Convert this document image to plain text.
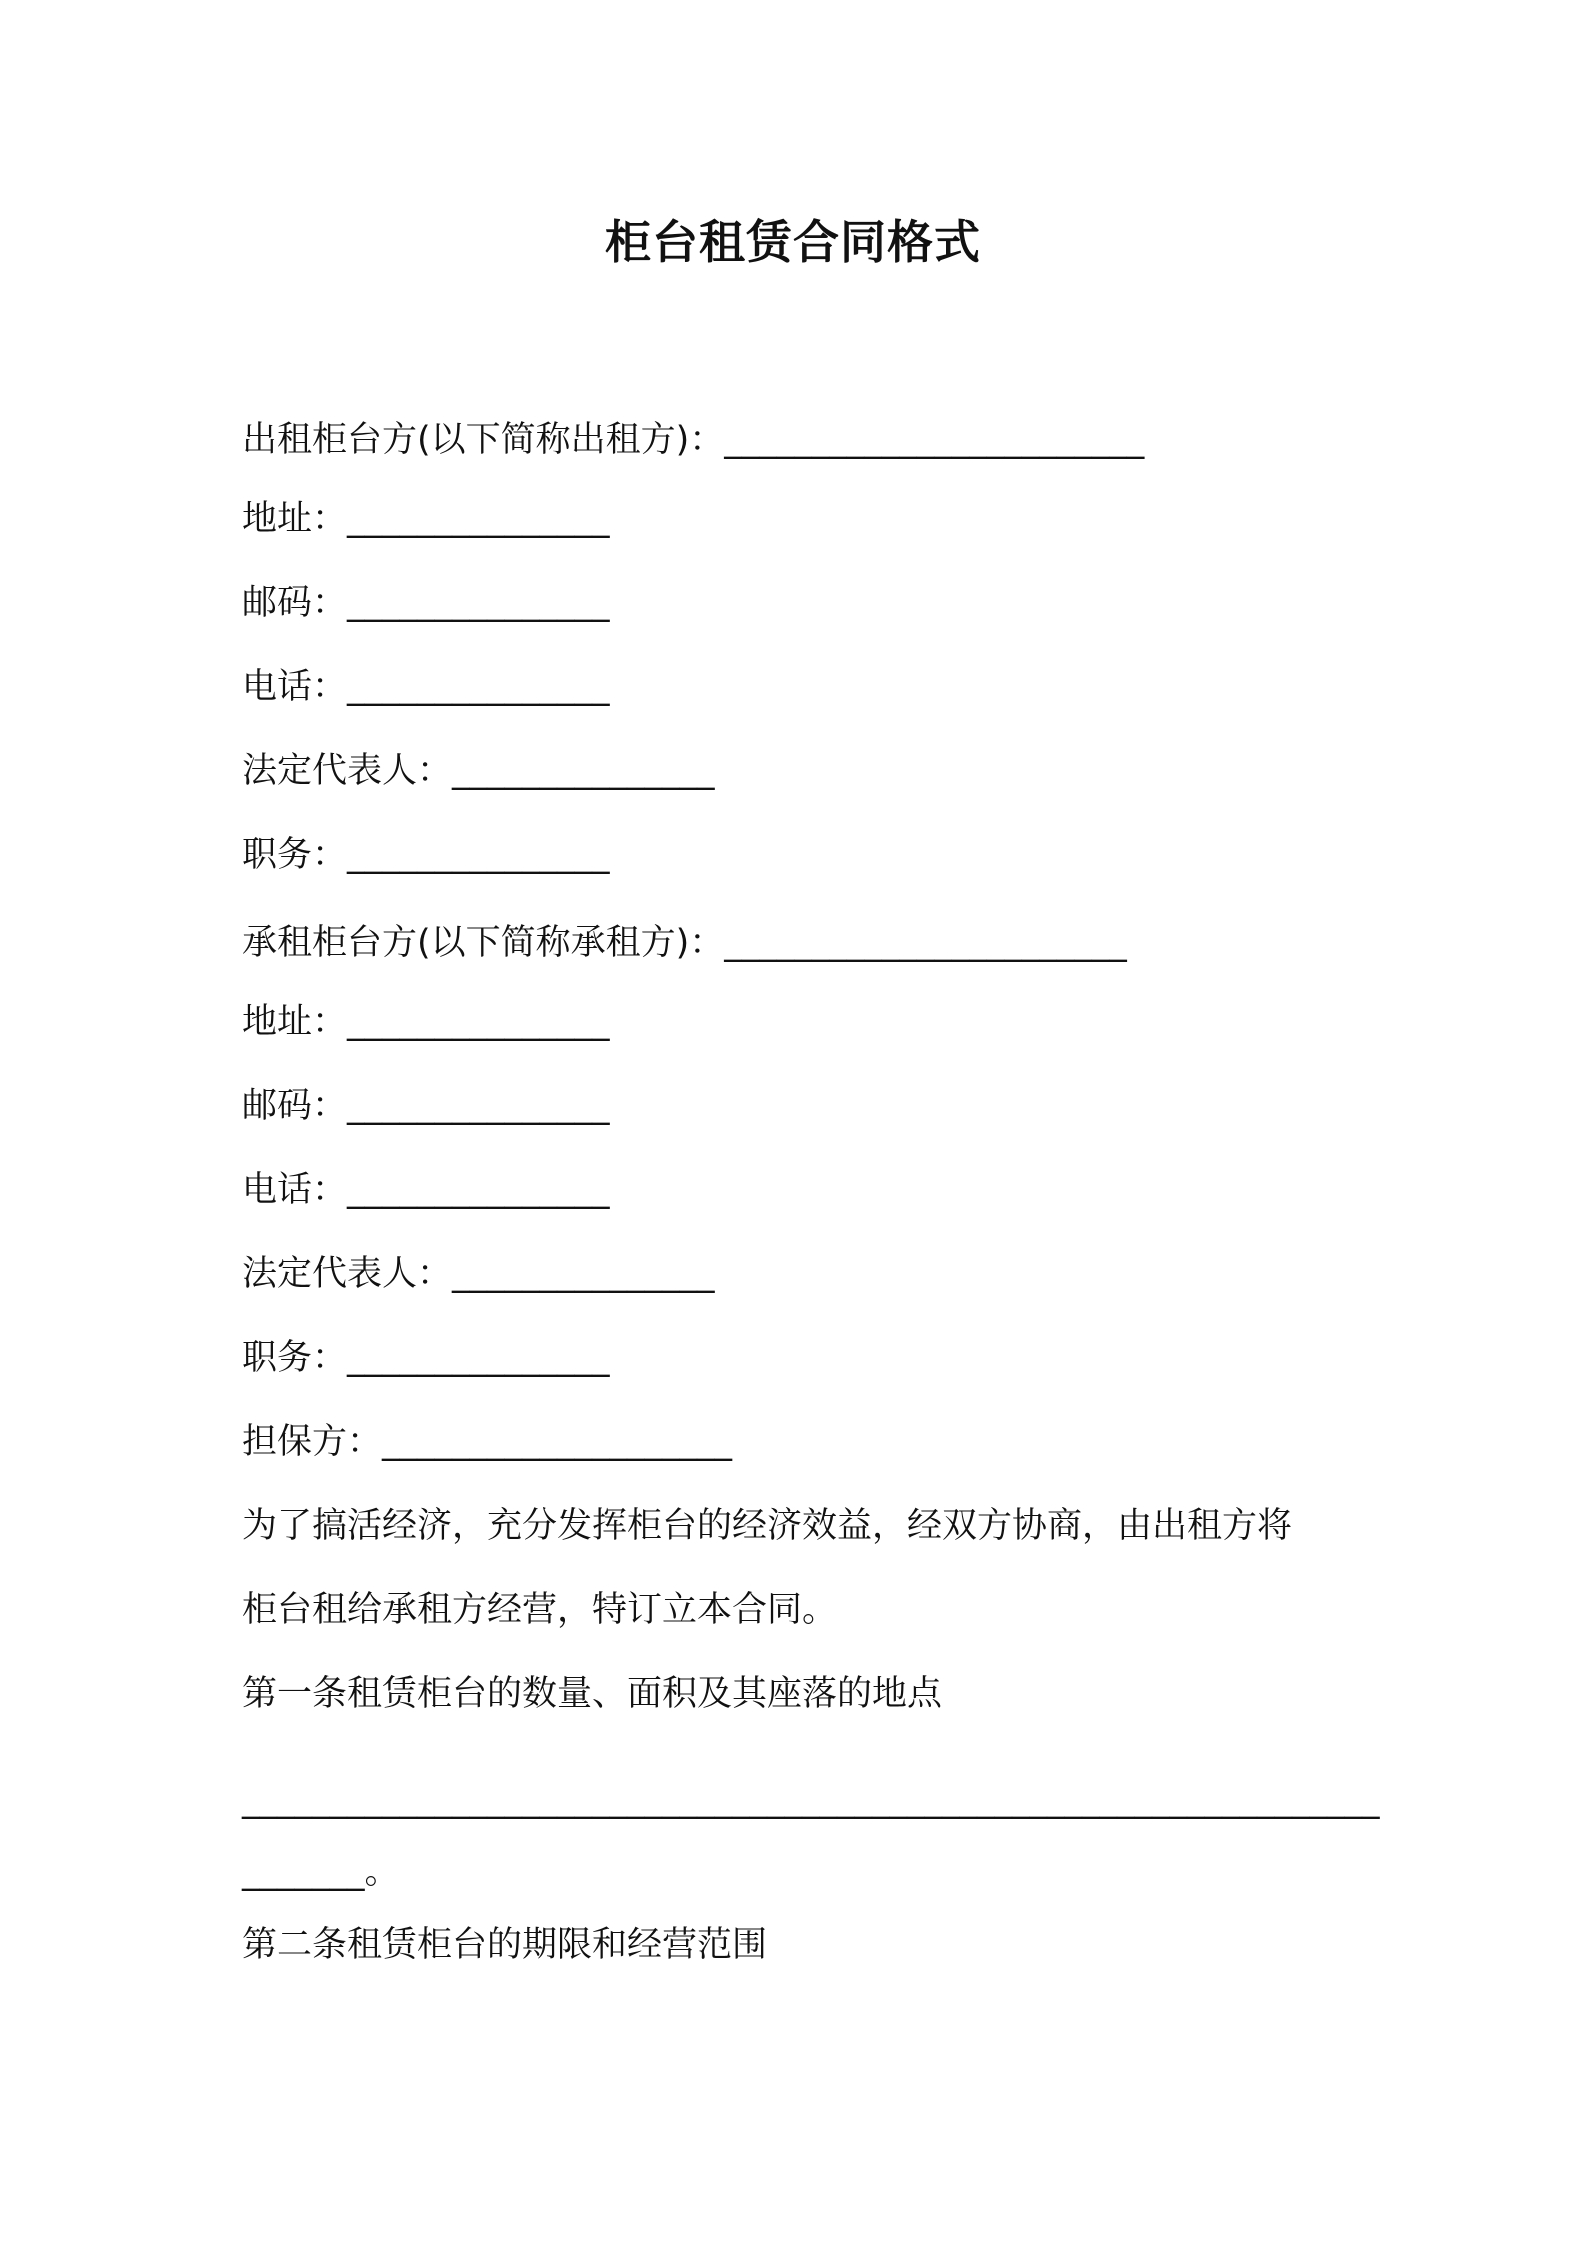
柜台租赁合同格式
出租柜台方(以下简称出租方)：________________________
地址：_______________
邮码：_______________
电话：_______________
法定代表人：_______________
职务：_______________
承租柜台方(以下简称承租方)：_______________________
地址：_______________
邮码：_______________
电话：_______________
法定代表人：_______________
职务：_______________
担保方：____________________
为了搞活经济，充分发挥柜台的经济效益，经双方协商，由出租方将
柜台租给承租方经营，特订立本合同。
第一条租赁柜台的数量、面积及其座落的地点
_________________________________________________________________
_______。
第二条租赁柜台的期限和经营范围
